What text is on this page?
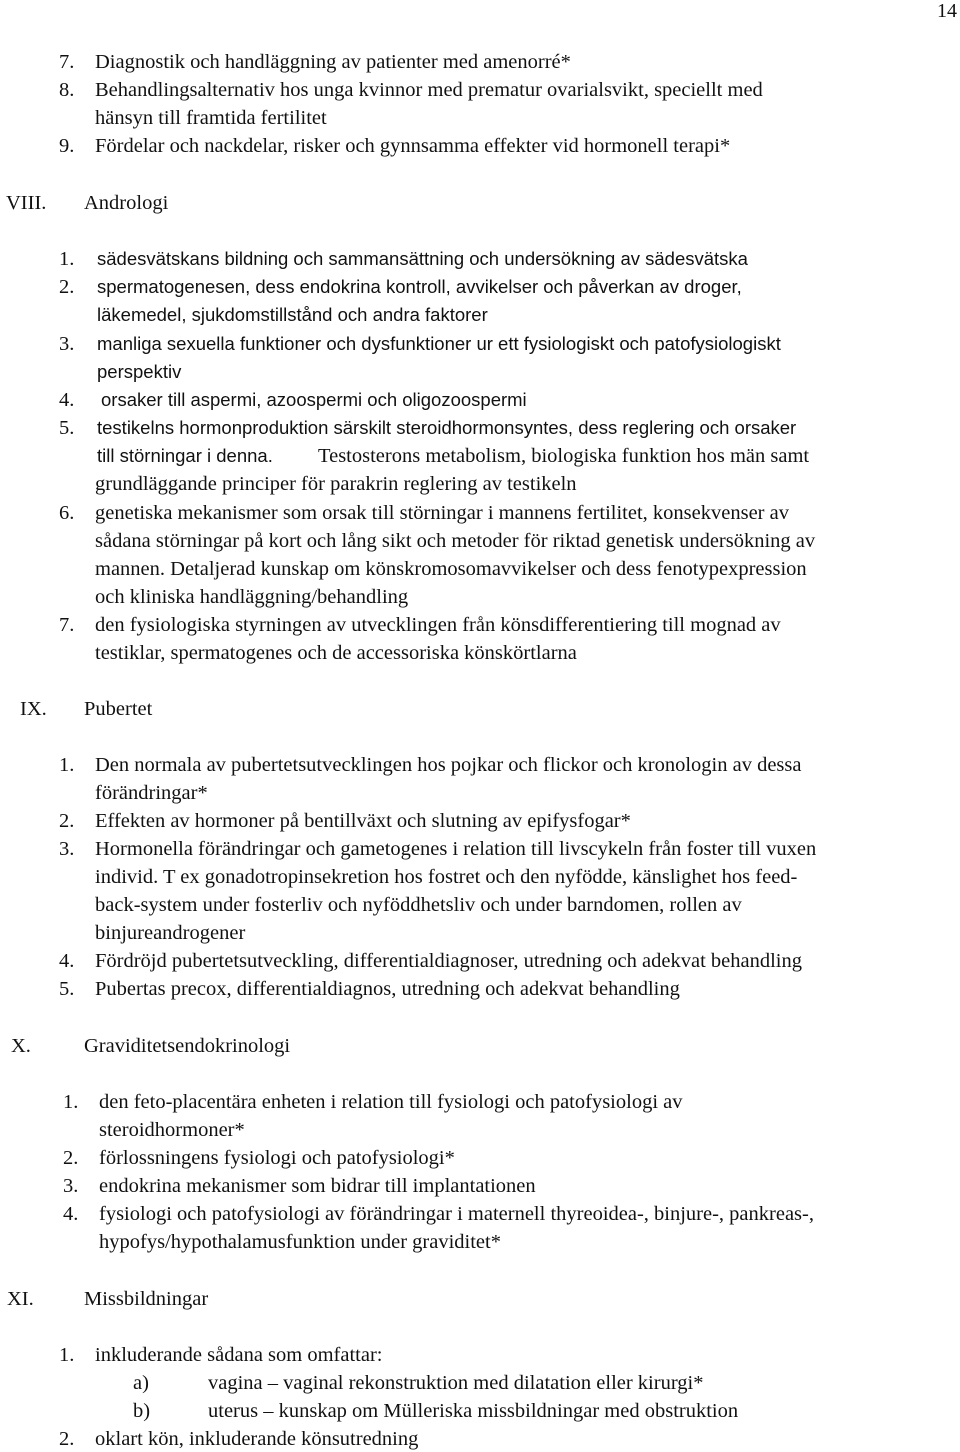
14
7. Diagnostik och handläggning av patienter med amenorré*
8. Behandlingsalternativ hos unga kvinnor med prematur ovarialsvikt, speciellt med
hänsyn till framtida fertilitet
9. Fördelar och nackdelar, risker och gynnsamma effekter vid hormonell terapi*
VIII. Andrologi
1. sädesvätskans bildning och sammansättning och undersökning av sädesvätska
2. spermatogenesen, dess endokrina kontroll, avvikelser och påverkan av droger,
läkemedel, sjukdomstillstånd och andra faktorer
3. manliga sexuella funktioner och dysfunktioner ur ett fysiologiskt och patofysiologiskt
perspektiv
4. orsaker till aspermi, azoospermi och oligozoospermi
5. testikelns hormonproduktion särskilt steroidhormonsyntes, dess reglering och orsaker
till störningar i denna. Testosterons metabolism, biologiska funktion hos män samt
grundläggande principer för parakrin reglering av testikeln
6. genetiska mekanismer som orsak till störningar i mannens fertilitet, konsekvenser av
sådana störningar på kort och lång sikt och metoder för riktad genetisk undersökning av
mannen. Detaljerad kunskap om könskromosomavvikelser och dess fenotypexpression
och kliniska handläggning/behandling
7. den fysiologiska styrningen av utvecklingen från könsdifferentiering till mognad av
testiklar, spermatogenes och de accessoriska könskörtlarna
IX. Pubertet
1. Den normala av pubertetsutvecklingen hos pojkar och flickor och kronologin av dessa
förändringar*
2. Effekten av hormoner på bentillväxt och slutning av epifysfogar*
3. Hormonella förändringar och gametogenes i relation till livscykeln från foster till vuxen
individ. T ex gonadotropinsekretion hos fostret och den nyfödde, känslighet hos feed-
back-system under fosterliv och nyföddhetsliv och under barndomen, rollen av
binjureandrogener
4. Fördröjd pubertetsutveckling, differentialdiagnoser, utredning och adekvat behandling
5. Pubertas precox, differentialdiagnos, utredning och adekvat behandling
X.	Graviditetsendokrinologi
1. den feto-placentära enheten i relation till fysiologi och patofysiologi av
steroidhormoner*
2. förlossningens fysiologi och patofysiologi*
3. endokrina mekanismer som bidrar till implantationen
4. fysiologi och patofysiologi av förändringar i maternell thyreoidea-, binjure-, pankreas-,
hypofys/hypothalamusfunktion under graviditet*
XI. Missbildningar
1. inkluderande sådana som omfattar:
a)	vagina – vaginal rekonstruktion med dilatation eller kirurgi*
b)	uterus – kunskap om Mülleriska missbildningar med obstruktion
2. oklart kön, inkluderande könsutredning
